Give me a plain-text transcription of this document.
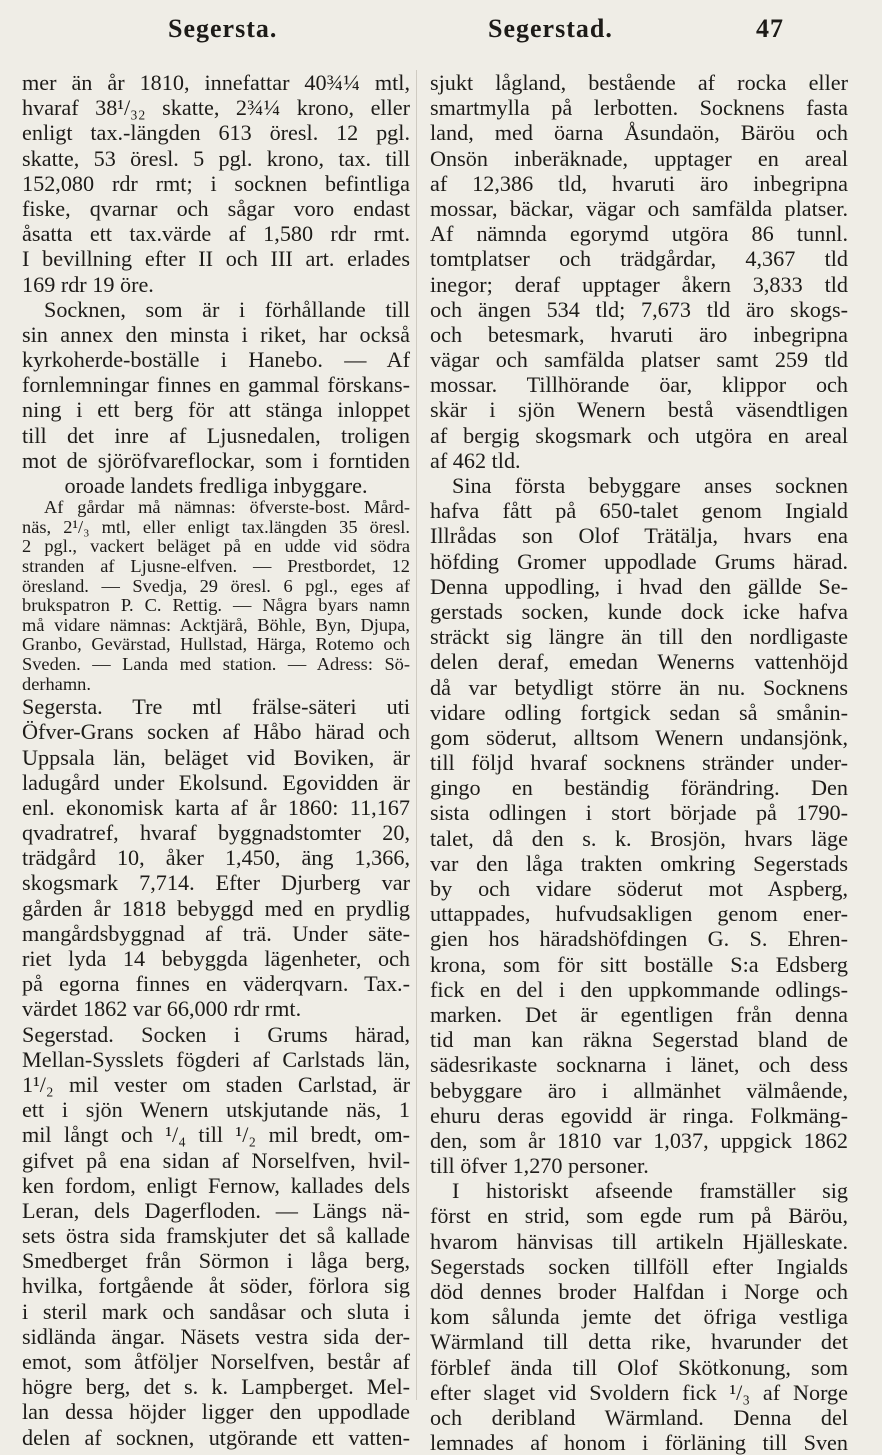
Segersta.	Segerstad.	47
mer än år 1810, innefattar 40¾¼ mtl,
hvaraf 38¹/₃₂ skatte, 2¾¼ krono, eller
enligt tax.-längden 613 öresl. 12 pgl.
skatte, 53 öresl. 5 pgl. krono, tax. till
152,080 rdr rmt; i socknen befintliga
fiske, qvarnar och sågar voro endast
åsatta ett tax.värde af 1,580 rdr rmt.
I bevillning efter II och III art. erlades
169 rdr 19 öre.
Socknen, som är i förhållande till
sin annex den minsta i riket, har också
kyrkoherde-boställe i Hanebo. — Af
fornlemningar finnes en gammal förskans-
ning i ett berg för att stänga inloppet
till det inre af Ljusnedalen, troligen
mot de sjöröfvareflockar, som i forntiden
oroade landets fredliga inbyggare.
Af gårdar må nämnas: öfverste-bost. Mård-
näs, 2¹/₃ mtl, eller enligt tax.längden 35 öresl.
2 pgl., vackert beläget på en udde vid södra
stranden af Ljusne-elfven. — Prestbordet, 12
öresland. — Svedja, 29 öresl. 6 pgl., eges af
brukspatron P. C. Rettig. — Några byars namn
må vidare nämnas: Acktjärå, Böhle, Byn, Djupa,
Granbo, Gevärstad, Hullstad, Härga, Rotemo och
Sveden. — Landa med station. — Adress: Sö-
derhamn.
Segersta. Tre mtl frälse-säteri uti
Öfver-Grans socken af Håbo härad och
Uppsala län, beläget vid Boviken, är
ladugård under Ekolsund. Egovidden är
enl. ekonomisk karta af år 1860: 11,167
qvadratref, hvaraf byggnadstomter 20,
trädgård 10, åker 1,450, äng 1,366,
skogsmark 7,714. Efter Djurberg var
gården år 1818 bebyggd med en prydlig
mangårdsbyggnad af trä. Under säte-
riet lyda 14 bebyggda lägenheter, och
på egorna finnes en väderqvarn. Tax.-
värdet 1862 var 66,000 rdr rmt.
Segerstad. Socken i Grums härad,
Mellan-Sysslets fögderi af Carlstads län,
1¹/₂ mil vester om staden Carlstad, är
ett i sjön Wenern utskjutande näs, 1
mil långt och ¹/₄ till ¹/₂ mil bredt, om-
gifvet på ena sidan af Norselfven, hvil-
ken fordom, enligt Fernow, kallades dels
Leran, dels Dagerfloden. — Längs nä-
sets östra sida framskjuter det så kallade
Smedberget från Sörmon i låga berg,
hvilka, fortgående åt söder, förlora sig
i steril mark och sandåsar och sluta i
sidlända ängar. Näsets vestra sida der-
emot, som åtföljer Norselfven, består af
högre berg, det s. k. Lampberget. Mel-
lan dessa höjder ligger den uppodlade
delen af socknen, utgörande ett vatten-
sjukt lågland, bestående af rocka eller
smartmylla på lerbotten. Socknens fasta
land, med öarna Åsundaön, Bäröu och
Onsön inberäknade, upptager en areal
af 12,386 tld, hvaruti äro inbegripna
mossar, bäckar, vägar och samfälda platser.
Af nämnda egorymd utgöra 86 tunnl.
tomtplatser och trädgårdar, 4,367 tld
inegor; deraf upptager åkern 3,833 tld
och ängen 534 tld; 7,673 tld äro skogs-
och betesmark, hvaruti äro inbegripna
vägar och samfälda platser samt 259 tld
mossar. Tillhörande öar, klippor och
skär i sjön Wenern bestå väsendtligen
af bergig skogsmark och utgöra en areal
af 462 tld.
Sina första bebyggare anses socknen
hafva fått på 650-talet genom Ingiald
Illrådas son Olof Trätälja, hvars ena
höfding Gromer uppodlade Grums härad.
Denna uppodling, i hvad den gällde Se-
gerstads socken, kunde dock icke hafva
sträckt sig längre än till den nordligaste
delen deraf, emedan Wenerns vattenhöjd
då var betydligt större än nu. Socknens
vidare odling fortgick sedan så smånin-
gom söderut, alltsom Wenern undansjönk,
till följd hvaraf socknens stränder under-
gingo en beständig förändring. Den
sista odlingen i stort började på 1790-
talet, då den s. k. Brosjön, hvars läge
var den låga trakten omkring Segerstads
by och vidare söderut mot Aspberg,
uttappades, hufvudsakligen genom ener-
gien hos häradshöfdingen G. S. Ehren-
krona, som för sitt boställe S:a Edsberg
fick en del i den uppkommande odlings-
marken. Det är egentligen från denna
tid man kan räkna Segerstad bland de
sädesrikaste socknarna i länet, och dess
bebyggare äro i allmänhet välmående,
ehuru deras egovidd är ringa. Folkmäng-
den, som år 1810 var 1,037, uppgick 1862
till öfver 1,270 personer.
I historiskt afseende framställer sig
först en strid, som egde rum på Bäröu,
hvarom hänvisas till artikeln Hjälleskate.
Segerstads socken tillföll efter Ingialds
död dennes broder Halfdan i Norge och
kom sålunda jemte det öfriga vestliga
Wärmland till detta rike, hvarunder det
förblef ända till Olof Skötkonung, som
efter slaget vid Svoldern fick ¹/₃ af Norge
och deribland Wärmland. Denna del
lemnades af honom i förläning till Sven
